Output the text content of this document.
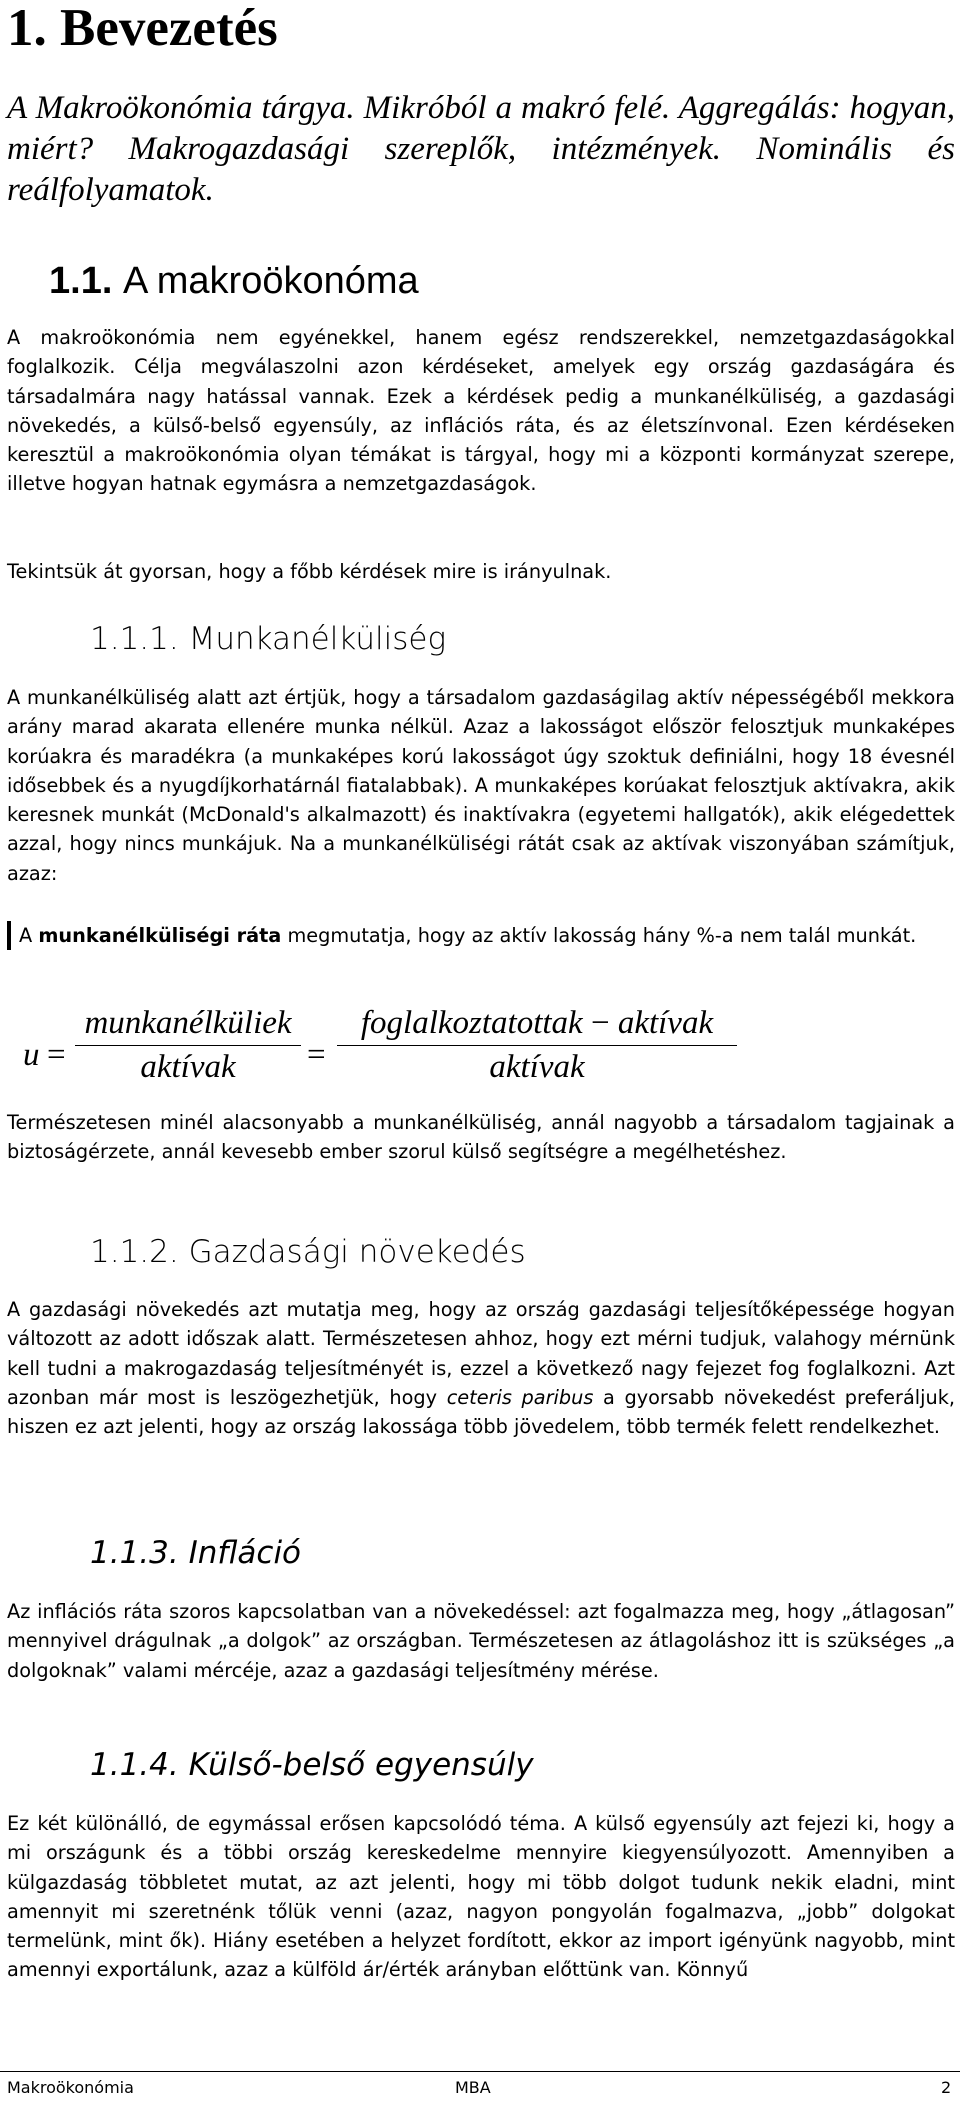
1. Bevezetés

A Makroökonómia tárgya. Mikróból a makró felé. Aggregálás: hogyan, miért? Makrogazdasági szereplők, intézmények. Nominális és reálfolyamatok.

1.1. A makroökonóma

A makroökonómia nem egyénekkel, hanem egész rendszerekkel, nemzetgazdaságokkal foglalkozik. Célja megválaszolni azon kérdéseket, amelyek egy ország gazdaságára és társadalmára nagy hatással vannak. Ezek a kérdések pedig a munkanélküliség, a gazdasági növekedés, a külső-belső egyensúly, az inflációs ráta, és az életszínvonal. Ezen kérdéseken keresztül a makroökonómia olyan témákat is tárgyal, hogy mi a központi kormányzat szerepe, illetve hogyan hatnak egymásra a nemzetgazdaságok.

Tekintsük át gyorsan, hogy a főbb kérdések mire is irányulnak.

1.1.1. Munkanélküliség

A munkanélküliség alatt azt értjük, hogy a társadalom gazdaságilag aktív népességéből mekkora arány marad akarata ellenére munka nélkül. Azaz a lakosságot először felosztjuk munkaképes korúakra és maradékra (a munkaképes korú lakosságot úgy szoktuk definiálni, hogy 18 évesnél idősebbek és a nyugdíjkorhatárnál fiatalabbak). A munkaképes korúakat felosztjuk aktívakra, akik keresnek munkát (McDonald's alkalmazott) és inaktívakra (egyetemi hallgatók), akik elégedettek azzal, hogy nincs munkájuk. Na a munkanélküliségi rátát csak az aktívak viszonyában számítjuk, azaz:

A munkanélküliségi ráta megmutatja, hogy az aktív lakosság hány %-a nem talál munkát.
u =
munkanélküliek
aktívak	=
foglalkoztatottak − aktívak
aktívak

Természetesen minél alacsonyabb a munkanélküliség, annál nagyobb a társadalom tagjainak a biztoságérzete, annál kevesebb ember szorul külső segítségre a megélhetéshez.

1.1.2. Gazdasági növekedés

A gazdasági növekedés azt mutatja meg, hogy az ország gazdasági teljesítőképessége hogyan változott az adott időszak alatt. Természetesen ahhoz, hogy ezt mérni tudjuk, valahogy mérnünk kell tudni a makrogazdaság teljesítményét is, ezzel a következő nagy fejezet fog foglalkozni. Azt azonban már most is leszögezhetjük, hogy ceteris paribus a gyorsabb növekedést preferáljuk, hiszen ez azt jelenti, hogy az ország lakossága több jövedelem, több termék felett rendelkezhet.

1.1.3. Infláció

Az inflációs ráta szoros kapcsolatban van a növekedéssel: azt fogalmazza meg, hogy „átlagosan” mennyivel drágulnak „a dolgok” az országban. Természetesen az átlagoláshoz itt is szükséges „a dolgoknak” valami mércéje, azaz a gazdasági teljesítmény mérése.

1.1.4. Külső-belső egyensúly

Ez két különálló, de egymással erősen kapcsolódó téma. A külső egyensúly azt fejezi ki, hogy a mi országunk és a többi ország kereskedelme mennyire kiegyensúlyozott. Amennyiben a külgazdaság többletet mutat, az azt jelenti, hogy mi több dolgot tudunk nekik eladni, mint amennyit mi szeretnénk tőlük venni (azaz, nagyon pongyolán fogalmazva, „jobb” dolgokat termelünk, mint ők). Hiány esetében a helyzet fordított, ekkor az import igényünk nagyobb, mint amennyi exportálunk, azaz a külföld ár/érték arányban előttünk van. Könnyű

Makroökonómia	MBA	2
